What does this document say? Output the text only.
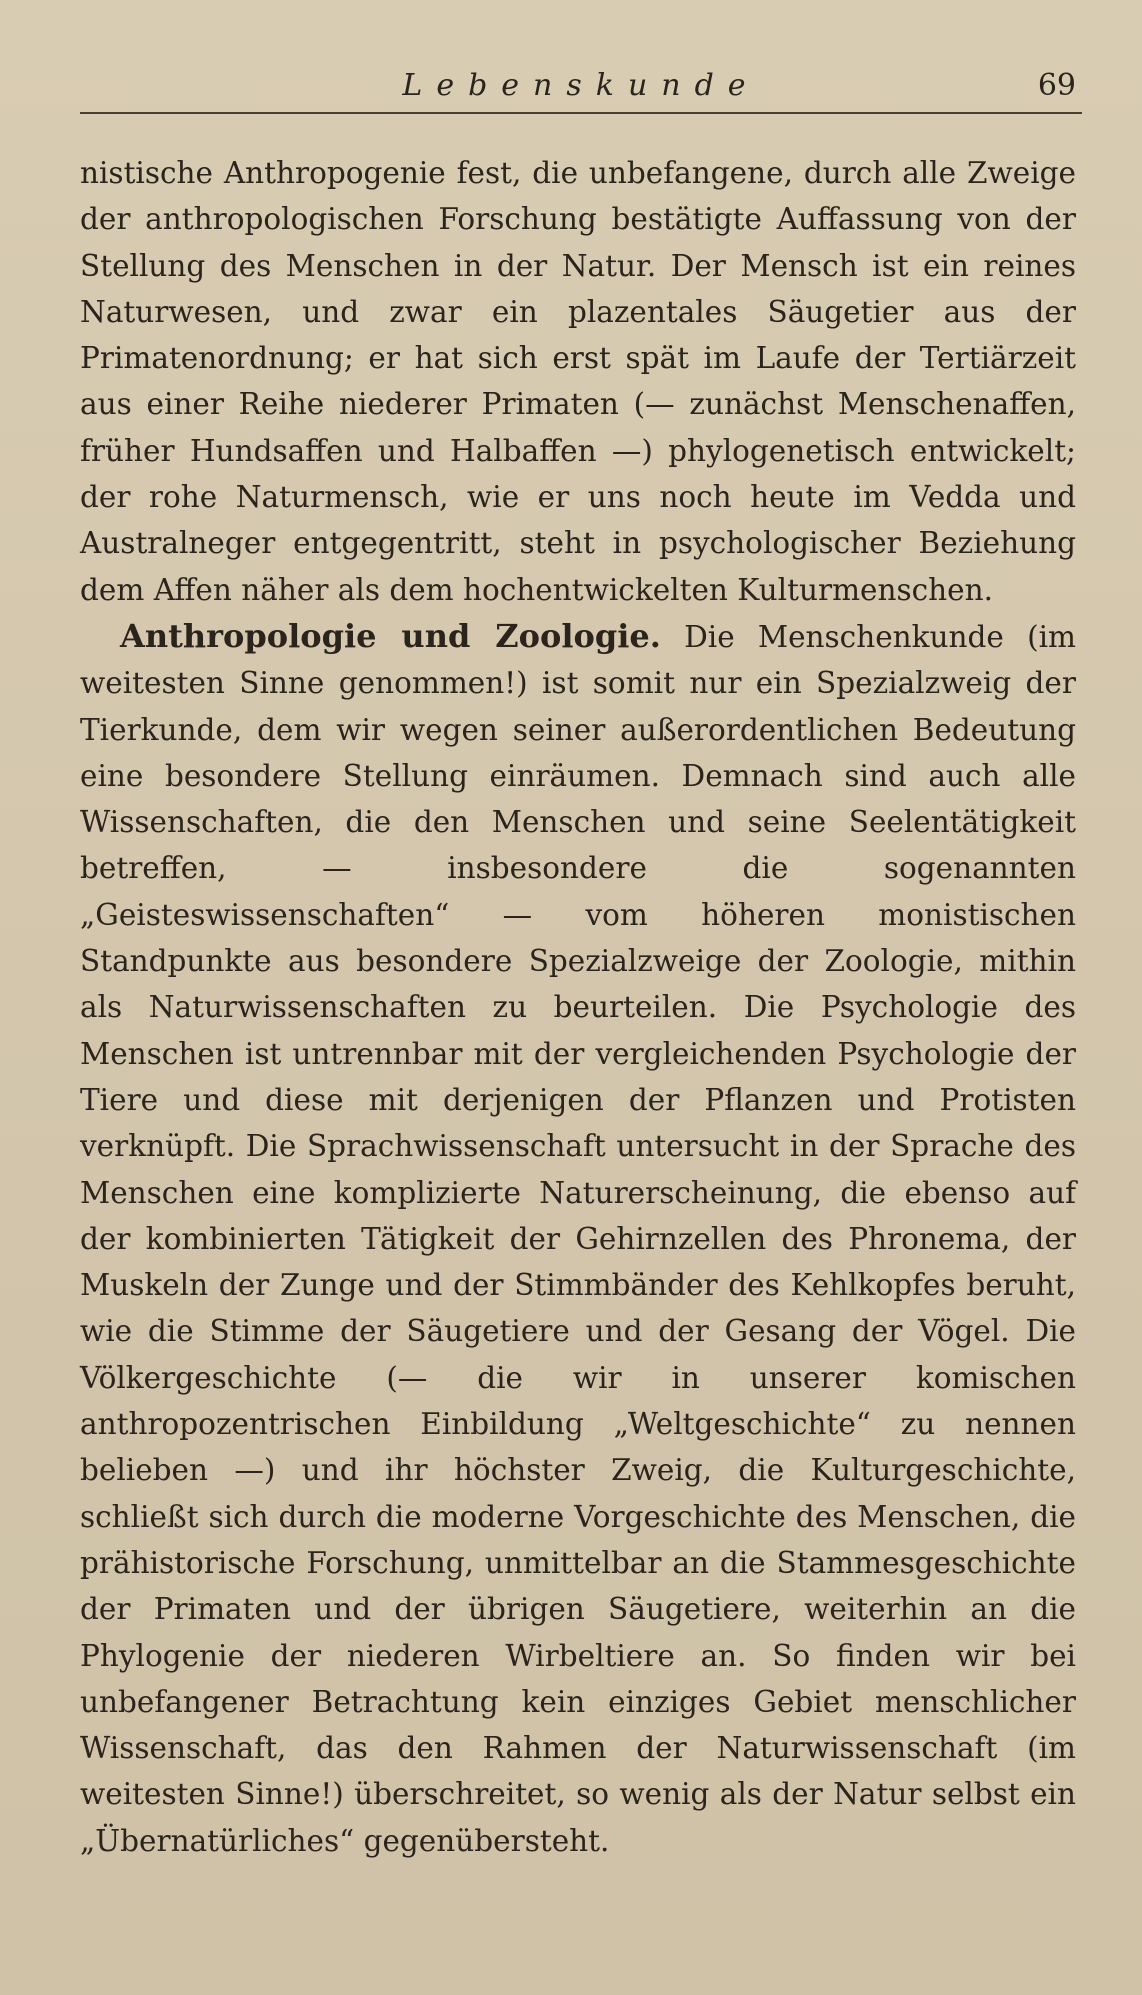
Lebenskunde	69

nistische Anthropogenie fest, die unbefangene, durch alle Zweige der anthropologischen Forschung bestätigte Auffassung von der Stellung des Menschen in der Natur. Der Mensch ist ein reines Naturwesen, und zwar ein plazentales Säugetier aus der Primatenordnung; er hat sich erst spät im Laufe der Tertiärzeit aus einer Reihe niederer Primaten (— zunächst Menschenaffen, früher Hundsaffen und Halbaffen —) phylogenetisch entwickelt; der rohe Naturmensch, wie er uns noch heute im Vedda und Australneger entgegentritt, steht in psychologischer Beziehung dem Affen näher als dem hochentwickelten Kulturmenschen.

Anthropologie und Zoologie. Die Menschenkunde (im weitesten Sinne genommen!) ist somit nur ein Spezialzweig der Tierkunde, dem wir wegen seiner außerordentlichen Bedeutung eine besondere Stellung einräumen. Demnach sind auch alle Wissenschaften, die den Menschen und seine Seelentätigkeit betreffen, — insbesondere die sogenannten „Geisteswissenschaften“ — vom höheren monistischen Standpunkte aus besondere Spezialzweige der Zoologie, mithin als Naturwissenschaften zu beurteilen. Die Psychologie des Menschen ist untrennbar mit der vergleichenden Psychologie der Tiere und diese mit derjenigen der Pflanzen und Protisten verknüpft. Die Sprachwissenschaft untersucht in der Sprache des Menschen eine komplizierte Naturerscheinung, die ebenso auf der kombinierten Tätigkeit der Gehirnzellen des Phronema, der Muskeln der Zunge und der Stimmbänder des Kehlkopfes beruht, wie die Stimme der Säugetiere und der Gesang der Vögel. Die Völkergeschichte (— die wir in unserer komischen anthropozentrischen Einbildung „Weltgeschichte“ zu nennen belieben —) und ihr höchster Zweig, die Kulturgeschichte, schließt sich durch die moderne Vorgeschichte des Menschen, die prähistorische Forschung, unmittelbar an die Stammesgeschichte der Primaten und der übrigen Säugetiere, weiterhin an die Phylogenie der niederen Wirbeltiere an. So finden wir bei unbefangener Betrachtung kein einziges Gebiet menschlicher Wissenschaft, das den Rahmen der Naturwissenschaft (im weitesten Sinne!) überschreitet, so wenig als der Natur selbst ein „Übernatürliches“ gegenübersteht.
